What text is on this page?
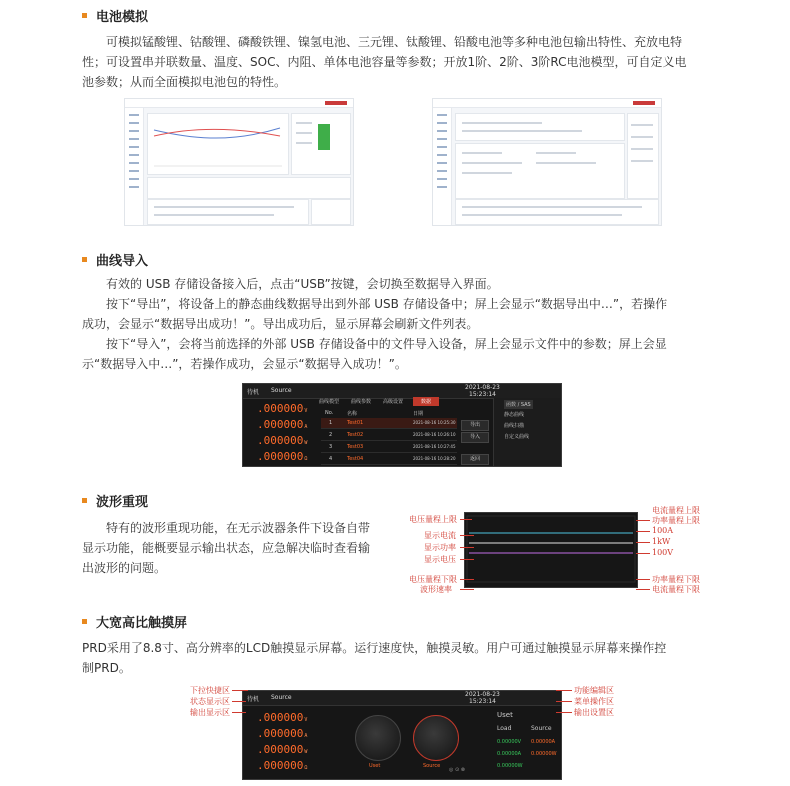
电池模拟

可模拟锰酸锂、钴酸锂、磷酸铁锂、镍氢电池、三元锂、钛酸锂、铅酸电池等多种电池包输出特性、充放电特

性；可设置串并联数量、温度、SOC、内阻、单体电池容量等参数；开放1阶、2阶、3阶RC电池模型，可自定义电

池参数；从而全面模拟电池包的特性。

曲线导入

有效的 USB 存储设备接入后，点击“USB”按键，会切换至数据导入界面。

按下“导出”，将设备上的静态曲线数据导出到外部 USB 存储设备中；屏上会显示“数据导出中…”，若操作

成功，会显示“数据导出成功！”。导出成功后，显示屏幕会刷新文件列表。

按下“导入”，会将当前选择的外部 USB 存储设备中的文件导入设备，屏上会显示文件中的参数；屏上会显

示“数据导入中…”，若操作成功，会显示“数据导入成功！”。

待机 Source	2021-08-23
15:23:14
.000000V
.000000A
.000000W
.000000Ω
曲线模型 曲线参数 高级设置	数据
No.	名称	日期
1	Test01	2021-08-16 10:25:30
2	Test02	2021-08-16 10:26:10
3	Test03	2021-08-16 10:27:45
4	Test04	2021-08-16 10:28:20
导出
导入
返回
函数 / SAS
静态曲线
曲线扫描
自定义曲线
波形重现

特有的波形重现功能，在无示波器条件下设备自带

显示功能，能概要显示输出状态，应急解决临时查看输

出波形的问题。

电压量程上限
显示电流
显示功率
显示电压
电压量程下限
波形速率
电流量程上限
功率量程上限
100A
1kW
100V
功率量程下限
电流量程下限
大宽高比触摸屏

PRD采用了8.8寸、高分辨率的LCD触摸显示屏幕。运行速度快，触摸灵敏。用户可通过触摸显示屏幕来操作控

制PRD。

待机 Source	2021-08-23
15:23:14
.000000V
.000000A
.000000W
.000000Ω	Uset	Source
◎ ⊙ ⊗
Uset
Load	Source
0.00000V 0.00000A
0.00000A 0.00000W
0.00000W
下拉快捷区
状态显示区
输出显示区
功能编辑区
菜单操作区
输出设置区
